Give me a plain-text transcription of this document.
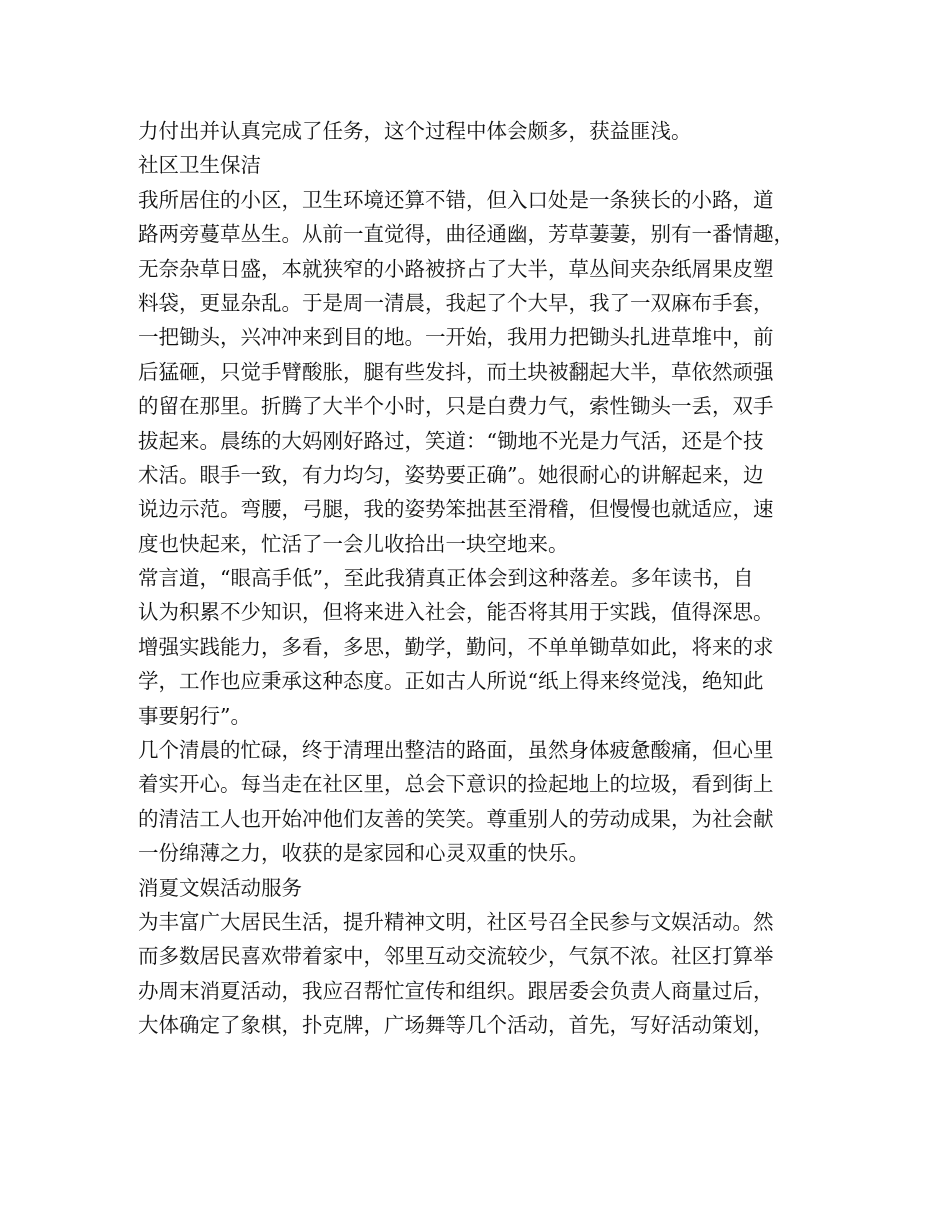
力付出并认真完成了任务，这个过程中体会颇多，获益匪浅。
社区卫生保洁
我所居住的小区，卫生环境还算不错，但入口处是一条狭长的小路，道
路两旁蔓草丛生。从前一直觉得，曲径通幽，芳草萋萋，别有一番情趣，
无奈杂草日盛，本就狭窄的小路被挤占了大半，草丛间夹杂纸屑果皮塑
料袋，更显杂乱。于是周一清晨，我起了个大早，我了一双麻布手套，
一把锄头，兴冲冲来到目的地。一开始，我用力把锄头扎进草堆中，前
后猛砸，只觉手臂酸胀，腿有些发抖，而土块被翻起大半，草依然顽强
的留在那里。折腾了大半个小时，只是白费力气，索性锄头一丢，双手
拔起来。晨练的大妈刚好路过，笑道：“锄地不光是力气活，还是个技
术活。眼手一致，有力均匀，姿势要正确”。她很耐心的讲解起来，边
说边示范。弯腰，弓腿，我的姿势笨拙甚至滑稽，但慢慢也就适应，速
度也快起来，忙活了一会儿收拾出一块空地来。
常言道，“眼高手低”，至此我猜真正体会到这种落差。多年读书，自
认为积累不少知识，但将来进入社会，能否将其用于实践，值得深思。
增强实践能力，多看，多思，勤学，勤问，不单单锄草如此，将来的求
学，工作也应秉承这种态度。正如古人所说“纸上得来终觉浅，绝知此
事要躬行”。
几个清晨的忙碌，终于清理出整洁的路面，虽然身体疲惫酸痛，但心里
着实开心。每当走在社区里，总会下意识的捡起地上的垃圾，看到街上
的清洁工人也开始冲他们友善的笑笑。尊重别人的劳动成果，为社会献
一份绵薄之力，收获的是家园和心灵双重的快乐。
消夏文娱活动服务
为丰富广大居民生活，提升精神文明，社区号召全民参与文娱活动。然
而多数居民喜欢带着家中，邻里互动交流较少，气氛不浓。社区打算举
办周末消夏活动，我应召帮忙宣传和组织。跟居委会负责人商量过后，
大体确定了象棋，扑克牌，广场舞等几个活动，首先，写好活动策划，
